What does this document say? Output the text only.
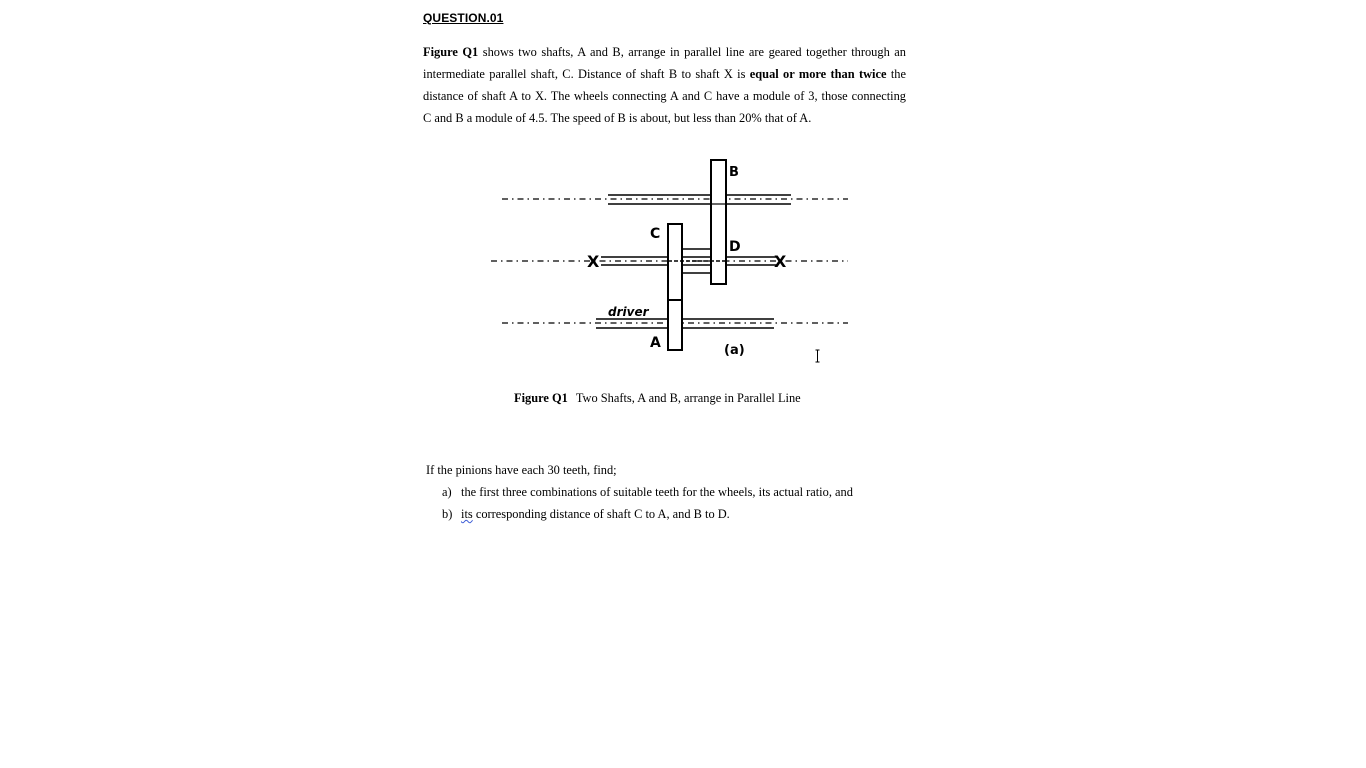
QUESTION.01
Figure Q1 shows two shafts, A and B, arrange in parallel line are geared together through an
intermediate parallel shaft, C. Distance of shaft B to shaft X is equal or more than twice the
distance of shaft A to X. The wheels connecting A and C have a module of 3, those connecting
C and B a module of 4.5. The speed of B is about, but less than 20% that of A.
B
C
D
X	X
driver
A	(a)
Figure Q1 Two Shafts, A and B, arrange in Parallel Line
If the pinions have each 30 teeth, find;
a) the first three combinations of suitable teeth for the wheels, its actual ratio, and
b) its corresponding distance of shaft C to A, and B to D.
